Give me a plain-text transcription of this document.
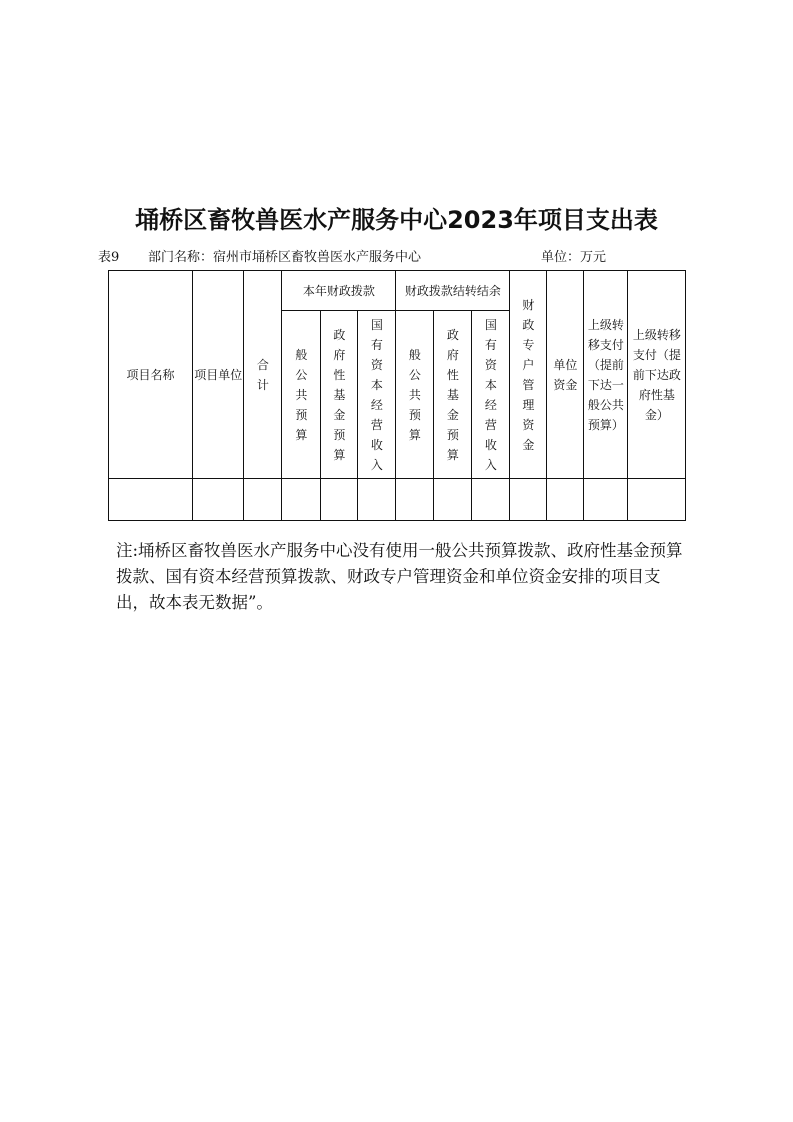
埇桥区畜牧兽医水产服务中心2023年项目支出表
表9 部门名称：宿州市埇桥区畜牧兽医水产服务中心	单位：万元
项目名称	项目单位	合计	本年财政拨款			财政拨款结转结余			财政专户管理资金	单位资金	上级转移支付（提前下达一般公共预算）	上级转移支付（提前下达政府性基金）
			般公共预算	政府性基金预算	国有资本经营收入	般公共预算	政府性基金预算	国有资本经营收入				

注:埇桥区畜牧兽医水产服务中心没有使用一般公共预算拨款、政府性基金预算拨款、国有资本经营预算拨款、财政专户管理资金和单位资金安排的项目支出，故本表无数据”。
